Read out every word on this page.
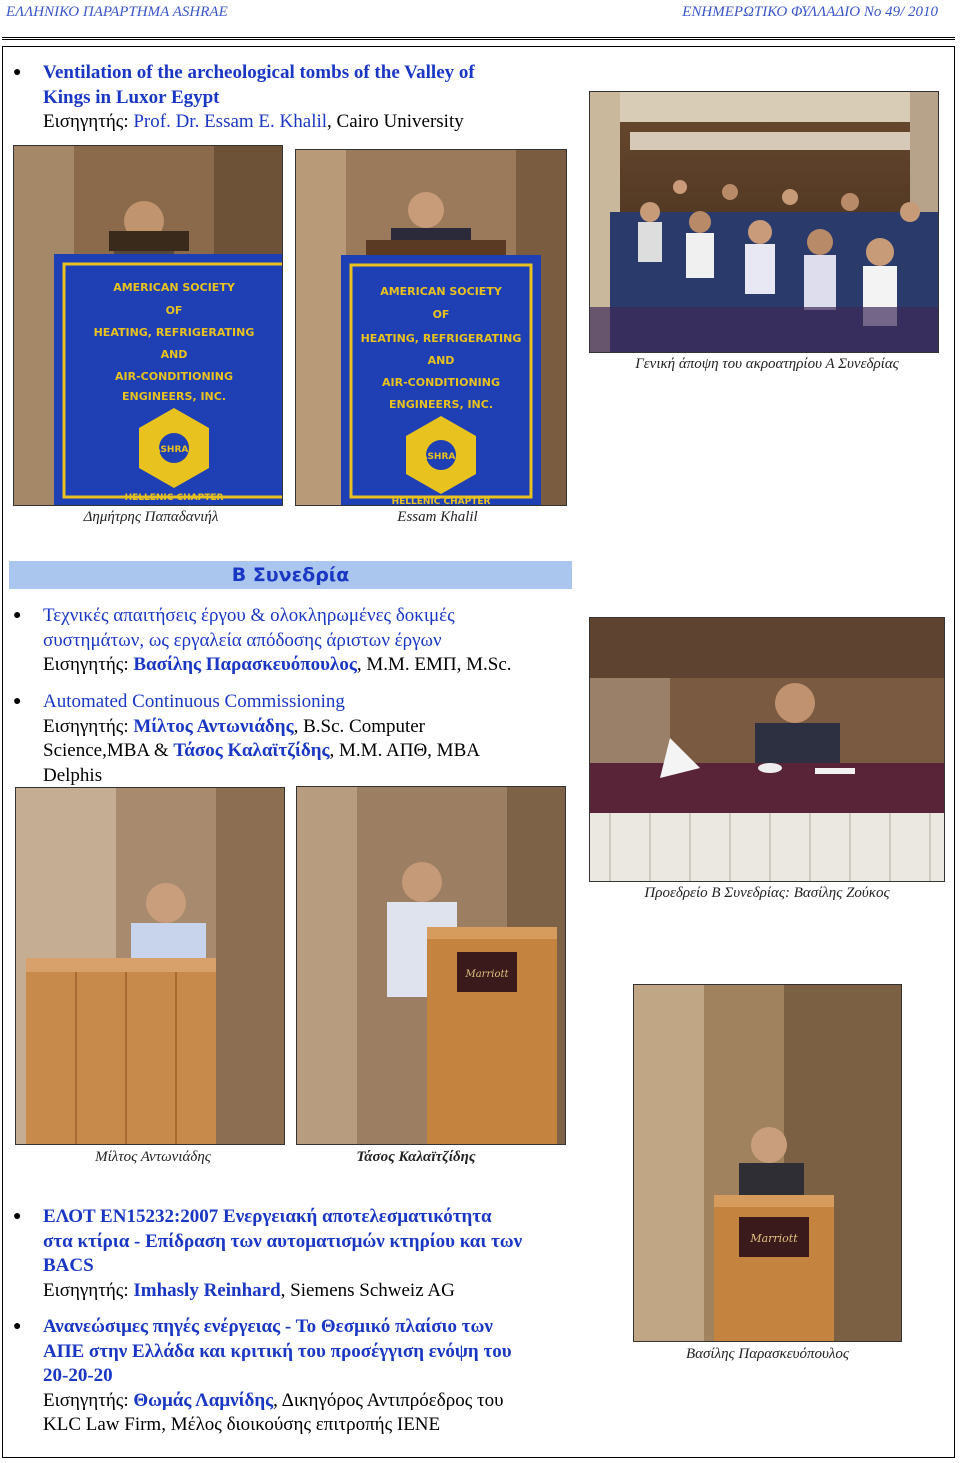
ΕΛΛΗΝΙΚΟ ΠΑΡΑΡΤΗΜΑ ASHRAE	ΕΝΗΜΕΡΩΤΙΚΟ ΦΥΛΛΑΔΙΟ Νο 49/ 2010
● Ventilation of the archeological tombs of the Valley of
Kings in Luxor Egypt
Εισηγητής: Prof. Dr. Essam E. Khalil, Cairo University
Γενική άποψη του ακροατηρίου Α Συνεδρίας
AMERICAN SOCIETY
OF
HEATING, REFRIGERATING
AND
AIR-CONDITIONING
ENGINEERS, INC.
ASHRAE
HELLENIC CHAPTER
Δημήτρης Παπαδανιήλ
AMERICAN SOCIETY
OF
HEATING, REFRIGERATING
AND
AIR-CONDITIONING
ENGINEERS, INC.
ASHRAE
HELLENIC CHAPTER
Essam Khalil
Β Συνεδρία
● Τεχνικές απαιτήσεις έργου & ολοκληρωμένες δοκιμές
συστημάτων, ως εργαλεία απόδοσης άριστων έργων
Εισηγητής: Βασίλης Παρασκευόπουλος, Μ.Μ. ΕΜΠ, M.Sc.
● Automated Continuous Commissioning
Εισηγητής: Μίλτος Αντωνιάδης, B.Sc. Computer
Science,MBA & Τάσος Καλαϊτζίδης, Μ.Μ. ΑΠΘ, MBA
Delphis
Προεδρείο Β Συνεδρίας: Βασίλης Ζούκος
Μίλτος Αντωνιάδης
Marriott
Τάσος Καλαϊτζίδης
Marriott
Βασίλης Παρασκευόπουλος
● ΕΛΟΤ ΕΝ15232:2007 Ενεργειακή αποτελεσματικότητα
στα κτίρια - Επίδραση των αυτοματισμών κτηρίου και των
BACS
Εισηγητής: Imhasly Reinhard, Siemens Schweiz AG
● Ανανεώσιμες πηγές ενέργειας - Το Θεσμικό πλαίσιο των
ΑΠΕ στην Ελλάδα και κριτική του προσέγγιση ενόψη του
20-20-20
Εισηγητής: Θωμάς Λαμνίδης, Δικηγόρος Αντιπρόεδρος του
KLC Law Firm, Μέλος διοικούσης επιτροπής ΙΕΝΕ
